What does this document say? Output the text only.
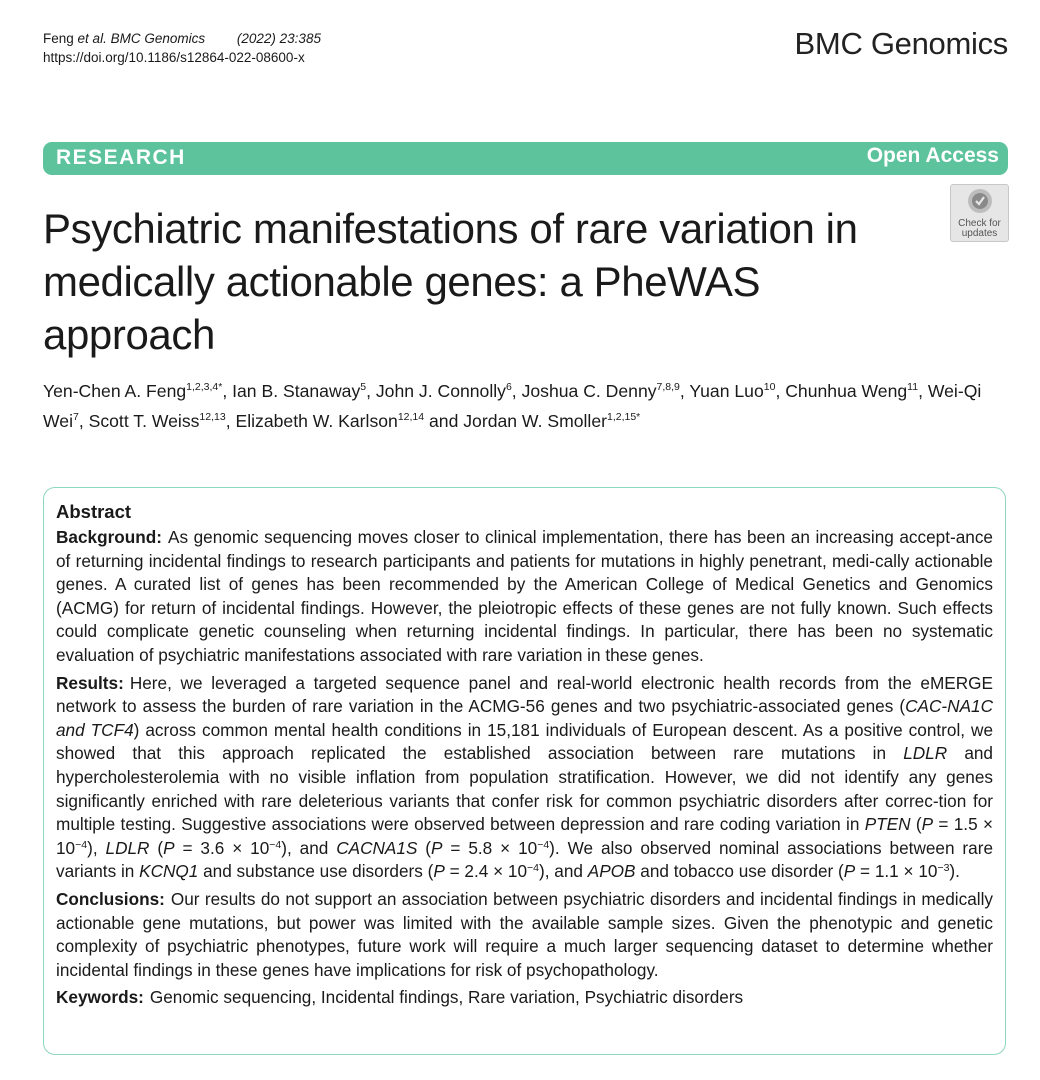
Feng et al. BMC Genomics (2022) 23:385
https://doi.org/10.1186/s12864-022-08600-x	BMC Genomics
RESEARCH	Open Access
Check for
updates
Psychiatric manifestations of rare variation in medically actionable genes: a PheWAS approach
Yen-Chen A. Feng$^{1,2,3,4*}$, Ian B. Stanaway$^5$, John J. Connolly$^6$, Joshua C. Denny$^{7,8,9}$, Yuan Luo$^{10}$, Chunhua Weng$^{11}$, Wei-Qi Wei$^7$, Scott T. Weiss$^{12,13}$, Elizabeth W. Karlson$^{12,14}$ and Jordan W. Smoller$^{1,2,15*}$
Abstract

Background: As genomic sequencing moves closer to clinical implementation, there has been an increasing accept-ance of returning incidental findings to research participants and patients for mutations in highly penetrant, medi-cally actionable genes. A curated list of genes has been recommended by the American College of Medical Genetics and Genomics (ACMG) for return of incidental findings. However, the pleiotropic effects of these genes are not fully known. Such effects could complicate genetic counseling when returning incidental findings. In particular, there has been no systematic evaluation of psychiatric manifestations associated with rare variation in these genes.

Results: Here, we leveraged a targeted sequence panel and real-world electronic health records from the eMERGE network to assess the burden of rare variation in the ACMG-56 genes and two psychiatric-associated genes (CAC-NA1C and TCF4) across common mental health conditions in 15,181 individuals of European descent. As a positive control, we showed that this approach replicated the established association between rare mutations in LDLR and hypercholesterolemia with no visible inflation from population stratification. However, we did not identify any genes significantly enriched with rare deleterious variants that confer risk for common psychiatric disorders after correc-tion for multiple testing. Suggestive associations were observed between depression and rare coding variation in PTEN $(P = 1.5 \times 10^{-4})$, LDLR $(P = 3.6 \times 10^{-4})$, and CACNA1S $(P = 5.8 \times 10^{-4})$. We also observed nominal associations between rare variants in KCNQ1 and substance use disorders $(P = 2.4 \times 10^{-4})$, and APOB and tobacco use disorder $(P = 1.1 \times 10^{-3})$.

Conclusions: Our results do not support an association between psychiatric disorders and incidental findings in medically actionable gene mutations, but power was limited with the available sample sizes. Given the phenotypic and genetic complexity of psychiatric phenotypes, future work will require a much larger sequencing dataset to determine whether incidental findings in these genes have implications for risk of psychopathology.

Keywords: Genomic sequencing, Incidental findings, Rare variation, Psychiatric disorders
